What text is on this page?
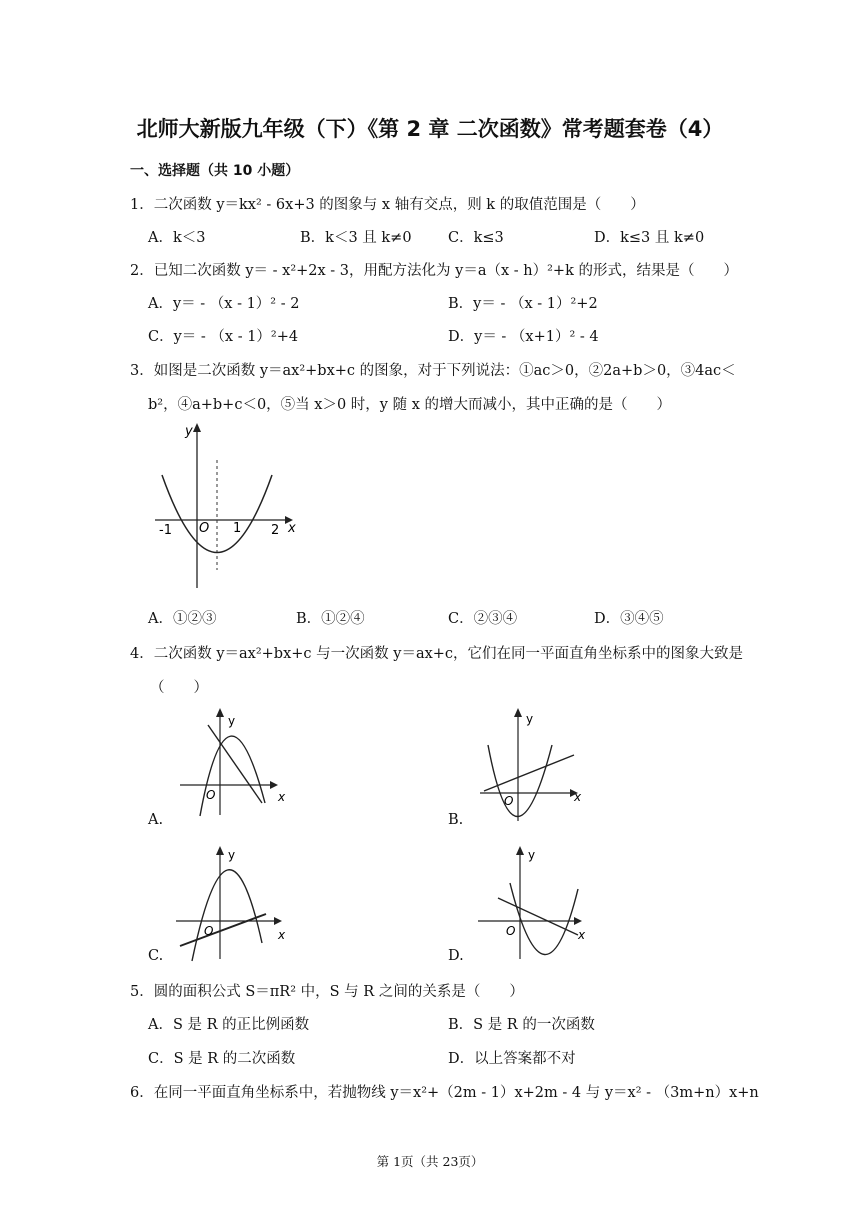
北师大新版九年级（下）《第 2 章 二次函数》常考题套卷（4）
一、选择题（共 10 小题）
1．二次函数 y＝kx² - 6x+3 的图象与 x 轴有交点，则 k 的取值范围是（　　）
A．k＜3	B．k＜3 且 k≠0	C．k≤3	D．k≤3 且 k≠0
2．已知二次函数 y＝ - x²+2x - 3，用配方法化为 y＝a（x - h）²+k 的形式，结果是（　　）
A．y＝ - （x - 1）² - 2	B．y＝ - （x - 1）²+2
C．y＝ - （x - 1）²+4	D．y＝ - （x+1）² - 4
3．如图是二次函数 y＝ax²+bx+c 的图象，对于下列说法：①ac＞0，②2a+b＞0，③4ac＜
b²，④a+b+c＜0，⑤当 x＞0 时，y 随 x 的增大而减小，其中正确的是（　　）
y
x
O
-1	1 2
A．①②③	B．①②④	C．②③④	D．③④⑤
4．二次函数 y＝ax²+bx+c 与一次函数 y＝ax+c，它们在同一平面直角坐标系中的图象大致是
（　　）
A.
y
x
O
B.
y
x
O
C.
y
x
O
D.
y
x
O
5．圆的面积公式 S＝πR² 中，S 与 R 之间的关系是（　　）
A．S 是 R 的正比例函数	B．S 是 R 的一次函数
C．S 是 R 的二次函数	D．以上答案都不对
6．在同一平面直角坐标系中，若抛物线 y＝x²+（2m - 1）x+2m - 4 与 y＝x² - （3m+n）x+n
第 1页（共 23页）
